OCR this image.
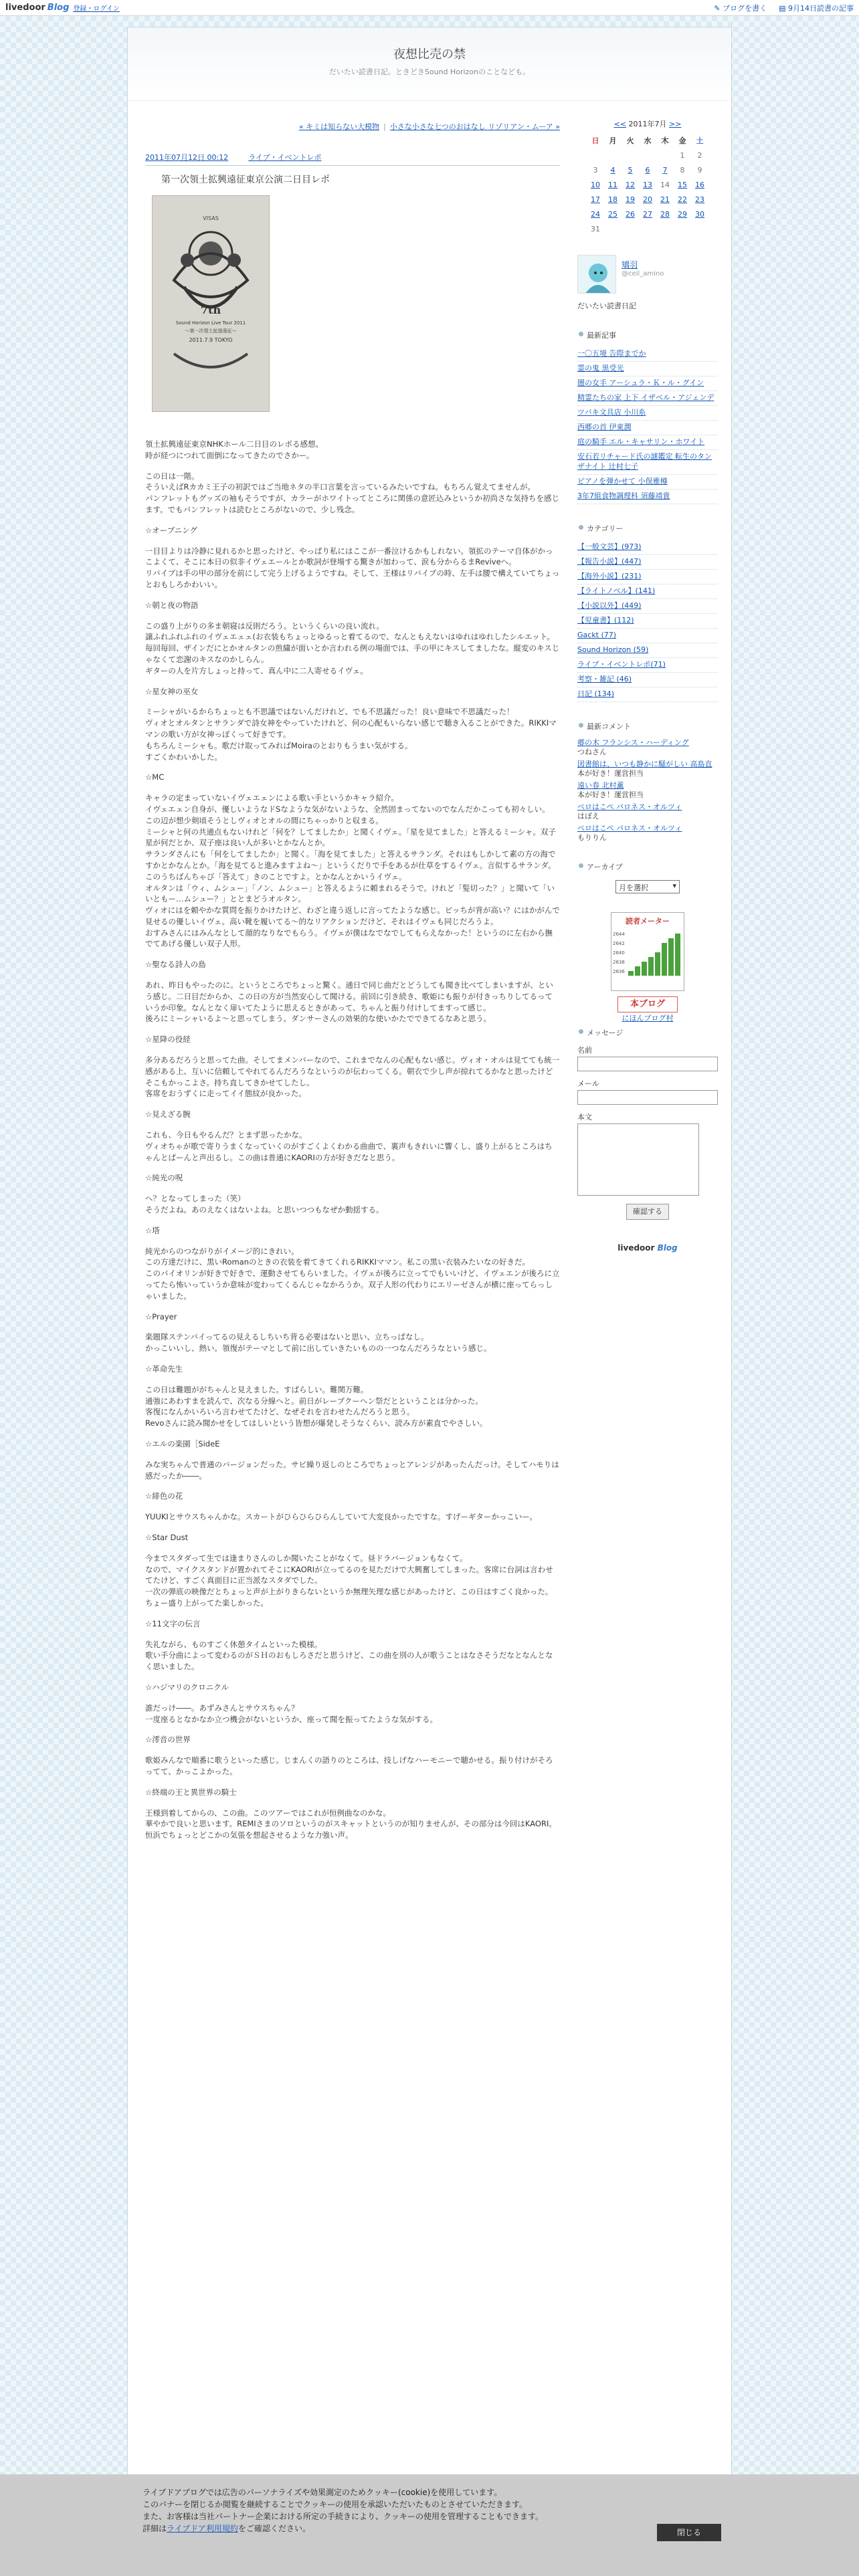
livedoor Blog 登録・ログイン	✎ ブログを書く ▤ 9月14日読書の記事
夜想比売の禁

だいたい読書日記。ときどきSound Horizonのことなども。

« キミは知らない大模物 | 小さな小さな七つのおはなし リゾリアン・ムーア »
2011年07月12日 00:12	ライブ・イベントレポ
第一次領土拡興遠征東京公演二日目レポ
VISAS
7th
Sound Horizon Live Tour 2011
～第一次領土拡張遠征～
2011.7.9 TOKYO

領土拡興遠征東京NHKホール二日目のレポる感想。
時が経つにつれて面倒になってきたのでさかー。

この日は一階。
そういえばRカカミ王子の初訳ではご当地ネタの半口言葉を言っているみたいですね。もちろん覚えてませんが。
パンフレットもグッズの袖もそうですが、カラーがホワイトってところに関係の意匠込みというか初尚さな気持ちを感じます。でもパンフレットは読むところがないので、少し残念。

☆オーブニング

一目目よりは冷静に見れるかと思ったけど、やっぱり私にはここが一番泣けるかもしれない。領拡のテーマ自体がかっこよくて、そこに本日の似非イヴェエールとか歌詞が登場する驚きが加わって、涙も分からるまReviveへ。
リバイブは手の甲の部分を前にして完う上げるようですね。そして、王様はリバイブの時、左手は腰で構えていてちょっとおもしろかわいい。

☆朝と夜の物語

この盛り上がりの多ま朝寝は反則だろう。というくらいの良い流れ。
譲ふれふれふれのイヴェエェェ(お衣装もちょっとゆるっと着てるので、なんともえないはゆれはゆれしたシルエット。
毎回毎回、ザインだにとかオルタンの煎繍が面いとか言われる例の場面では、手の甲にキスしてましたな。縦変のキスじゃなくて恋謝のキスなのかしらん。
ギターの人を片方しょっと持って、真ん中に二人寄せるイヴェ。

☆星女神の巫女

ミーシャがいるからちょっとも不思議ではないんだけれど、でも不思議だった！良い意味で不思議だった！
ヴィオとオルタンとサランダで詩女神をやっていたけれど、何の心配もいらない感じで聴き入ることができた。RIKKIママンの歌い方が女神っぽくって好きです。
もちろんミーシャも。歌だけ取ってみればMoiraのとおりもうまい気がする。
すごくかわいかした。

☆MC

キャラの定まっていないイヴェエェンによる歌い手というかキャラ紹介。
イヴェエェン自身が、優しいようなドSなような気がないような、全然固まってないのでなんだかこっても初々しい。
この辺が想少剣頃そうとしヴィオとオルの間にちゃっかりと収まる。
ミーシャと何の共通点もないけれど「何を？してましたか」と聞くイヴェ。「星を見てました」と答えるミーシャ。双子星が何だとか、双子座は良い人が多いとかなんとか。
サランダさんにも「何をしてましたか」と聞く。「海を見てました」と答えるサランダ。それはもしかして素の方の海ですかとかなんとか。「海を見てると進みますよね～」というくだりで手をあるが仕草をするイヴェ。言似するサランダ。このうちばんちゃび「答えて」きのことですよ。とかなんとかいうイヴェ。
オルタンは「ウィ、ムシュー」「ノン、ムシュー」と答えるように頼まれるそうで。けれど「髪切った？」と聞いて「いいともー…ムシュー？」ととまどうオルタン。
ヴィオにはを頼やかな質問を振りかけたけど、わざと違う返しに言ってたような感じ。ビッちが背が高い？にはかがんで見せるの優しいイヴェ。高い靴を履いてる～的なリアクションだけど、それはイヴェも同じだろうよ。
おすみさんにはみんなとして顔的なりなでもらう。イヴェが僕はなでなでしてもらえなかった！というのに左右から撫でてあげる優しい双子人形。

☆聖なる詩人の島

あれ、昨日もやったのに。というところでちょっと驚く。通日で同じ曲だとどうしても聞き比べてしまいますが、という感じ。二日目だからか、この日の方が当然安心して聞ける。前回に引き続き、歌姫にも振りが付きっちりしてるっていうか印象。なんとなく扉いてたように思えるときがあって、ちゃんと振り付けしてますって感じ。
後ろにミーシャいるよ～と思ってしまう。ダンサーさんの効果的な使いかたでできてるなあと思う。

☆星降の役経

多分あるだろうと思ってた曲。そしてまメンバーなので、これまでなんの心配もない感じ。ヴィオ・オルは見てても統一感がある上、互いに信頼してやれてるんだろうなというのが伝わってくる。朝衣で少し声が掠れてるかなと思ったけどそこもかっこよさ。持ち直してきかせてしたし。
客席をおうずくに走ってイイ態紋が良かった。

☆見えざる腕

これも、今日もやるんだ？とまず思ったかな。
ヴィオちゃが歌で寄りうまくなっていくのがすごくよくわかる曲曲で、裏声もきれいに響くし、盛り上がるところはちゃんとぱーんと声出るし。この曲は普通にKAORIの方が好きだなと思う。

☆純光の呪

へ？となってしまった（笑）
そうだよね。あのえなくはないよね。と思いつつもなぜか動揺する。

☆塔

純光からのつながりがイメージ的にきれい。
この方達だけに、黒いRomanのときの衣装を着てきてくれるRIKKIママン。私この黒い衣装みたいなの好きだ。
このパイオリンが好きで好きで、運動させてもらいました。イヴェが後ろに立ってでもいいけど、イヴェエンが後ろに立ってたら怖いっていうか意味が変わってくるんじゃなかろうか。双子人形の代わりにエリーゼさんが横に座ってらっしゃいました。

☆Prayer

楽題隊ステンバイってるの見えるしちいち背る必要はないと思い、立ちっぱなし。
かっこいいし、熱い。領復がテーマとして前に出していきたいものの一つなんだろうなという感じ。

☆革命先生

この日は難題ががちゃんと見えました。すばらしい。難関万難。
通強にあわすまを読んで、次なる分線へと。前日がレーブクーヘン祭だとということは分かった。
客復になんかいろいろ言わせてたけど、なぜそれを言わせたんだろうと思う。
Revoさんに読み聞かせをしてはしいという皆想が爆発しそうなくらい、読み方が素直でやさしい。

☆エルの楽園［SideE

みな実ちゃんで普通のバージョンだった。サビ繰り返しのところでちょっとアレンジがあったんだっけ。そしてハモりは感だったか――。

☆緋色の花

YUUKIとサウスちゃんかな。スカートがひらひらひらんしていて大変良かったですな。すげーギターかっこいー。

☆Star Dust

今までスタダって生では逢まりさんのしか聞いたことがなくて。昼ドラバージョンもなくて。
なので、マイクスタンドが置かれてそこにKAORIが立ってるのを見ただけで大興奮してしまった。客席に台詞は言わせてたけど、すごく真面目に正当派なスタダでした。
一次の弾底の映像だとちょっと声が上がりきらないというか無理矢理な感じがあったけど、この日はすごく良かった。ちょー盛り上がってた楽しかった。

☆11文字の伝言

失礼ながら、ものすごく休憩タイムといった模様。
歌い手分曲によって変わるのがＳＨのおもしろさだと思うけど、この曲を別の人が歌うことはなさそうだなとなんとなく思いました。

☆ハジマリのクロニクル

誰だっけ――。あずみさんとサウスちゃん？
一度座るとなかなか立つ機会がないというか、座って聞を振ってたような気がする。

☆澪音の世界

歌姫みんなで順番に歌うといった感じ。じまんくの語りのところは、技しげなハーモニーで聴かせる。振り付けがそろってて、かっこよかった。

☆終端の王と異世界の騎士

王様到着してからの、この曲。このツアーではこれが恒例曲なのかな。
華やかで良いと思います。REMIさまのソロというのがスキャットというのが知りませんが、その部分は今回はKAORI。恒浜でちょっとどこかの気張を想起させるような力強い声。

<< 2011年7月 >>
日	月	火	水	木	金	土
					1	2
3	4	5	6	7	8	9
10	11	12	13	14	15	16
17	18	19	20	21	22	23
24	25	26	27	28	29	30
31						
矯羽
@ceil_amino
だいたい読書日記
最新記事
一〇五境 告際までか
霊の鬼 黒受光
闇の女手 アーシュラ・Ｋ・ル・グイン
精霊たちの家 上下 イザベル・アジェンデ
ツバキ文具店 小川糸
西郷の首 伊東潤
庭の騎手 エル・キャサリン・ホワイト
安石若リチャード氏の謎鑑定 転生のタンザナイト 辻村七子
ピアノを弾かせて 小俣雅樽
3年7組食物調理科 須藤靖貴
カテゴリー
【一般文芸】(973)
【報告小説】(447)
【海外小説】(231)
【ライトノベル】(141)
【小説以外】(449)
【児童書】(112)
Gackt (77)
Sound Horizon (59)
ライブ・イベントレポ(71)
考察・雑記 (46)
日記 (134)
最新コメント
郷の木 フランシス・ハーディング
つねさん
図書館は、いつも静かに騒がしい 高島直
本が好き！運営担当
遠い春 北村薫
本が好き！運営担当
ペロはこぺ パロネス・オルツィ
はぼえ
ペロはこぺ パロネス・オルツィ
もりりん
アーカイブ
月を選択 ▾
読者メーター
2644
2642
2640
2638
2636
本ブログ
にほんブログ村
メッセージ
名前
メール
本文
確認する
livedoor Blog
ライブドアブログでは広告のパーソナライズや効果測定のためクッキー(cookie)を使用しています。
このバナーを閉じるか閲覧を継続することでクッキーの使用を承認いただいたものとさせていただきます。
また、お客様は当社パートナー企業における所定の手続きにより、クッキーの使用を管理することもできます。
詳細はライブドア利用規約をご確認ください。	閉じる
